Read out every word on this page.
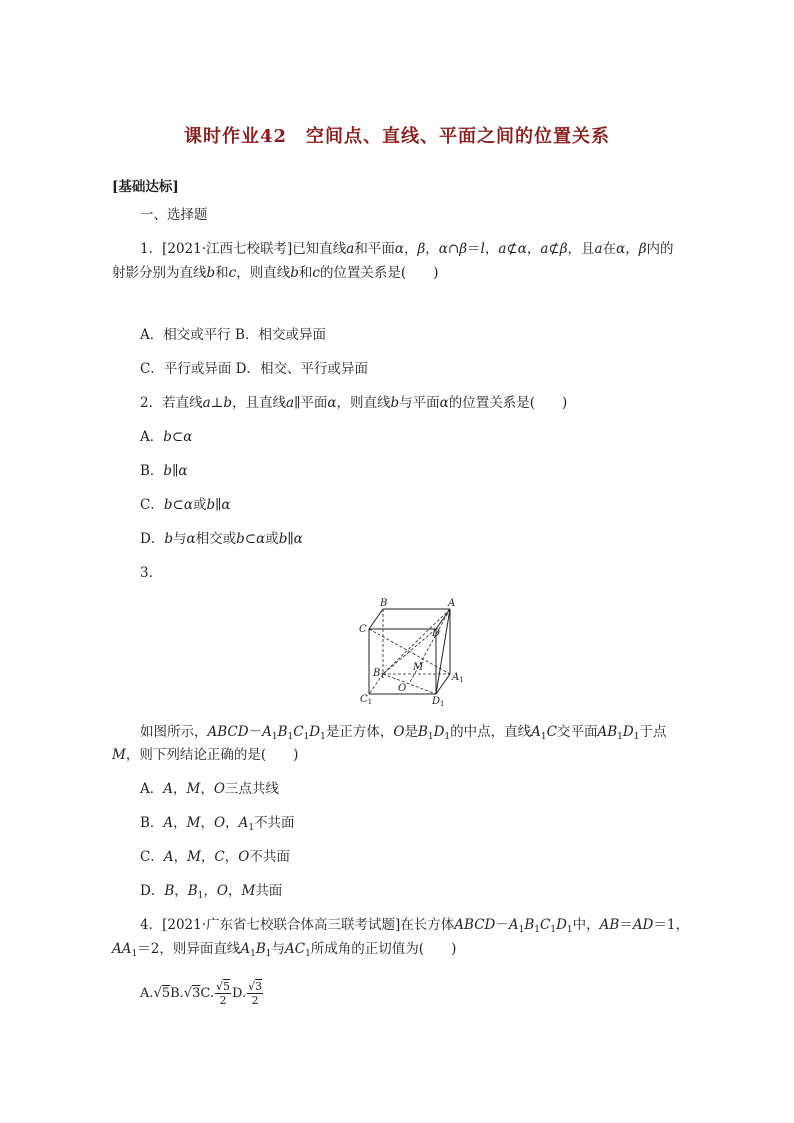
课时作业42　空间点、直线、平面之间的位置关系
[基础达标]
一、选择题
1．[2021·江西七校联考]已知直线a和平面α，β，α∩β＝l，a⊄α，a⊄β，且a在α，β内的
射影分别为直线b和c，则直线b和c的位置关系是(　　)
A．相交或平行 B．相交或异面
C．平行或异面 D．相交、平行或异面
2．若直线a⊥b，且直线a∥平面α，则直线b与平面α的位置关系是(　　)
A．b⊂α
B．b∥α
C．b⊂α或b∥α
D．b与α相交或b⊂α或b∥α
3.
B	A
C	D
$B_1$
M
$A_1$
O
$C_1$	$D_1$
如图所示，$ABCD-A_1B_1C_1D_1$是正方体，O是$B_1D_1$的中点，直线$A_1C$交平面$AB_1D_1$于点
M，则下列结论正确的是(　　)
A．A，M，O三点共线
B．A，M，O，$A_1$不共面
C．A，M，C，O不共面
D．B，$B_1$，O，M共面
4．[2021·广东省七校联合体高三联考试题]在长方体$ABCD-A_1B_1C_1D_1$中，AB＝AD＝1，
$AA_1=2$，则异面直线$A_1B_1$与$AC_1$所成角的正切值为(　　)
A.√5B.√3C. $\frac{√5}{2} D$. $\frac{√3}{2}$
